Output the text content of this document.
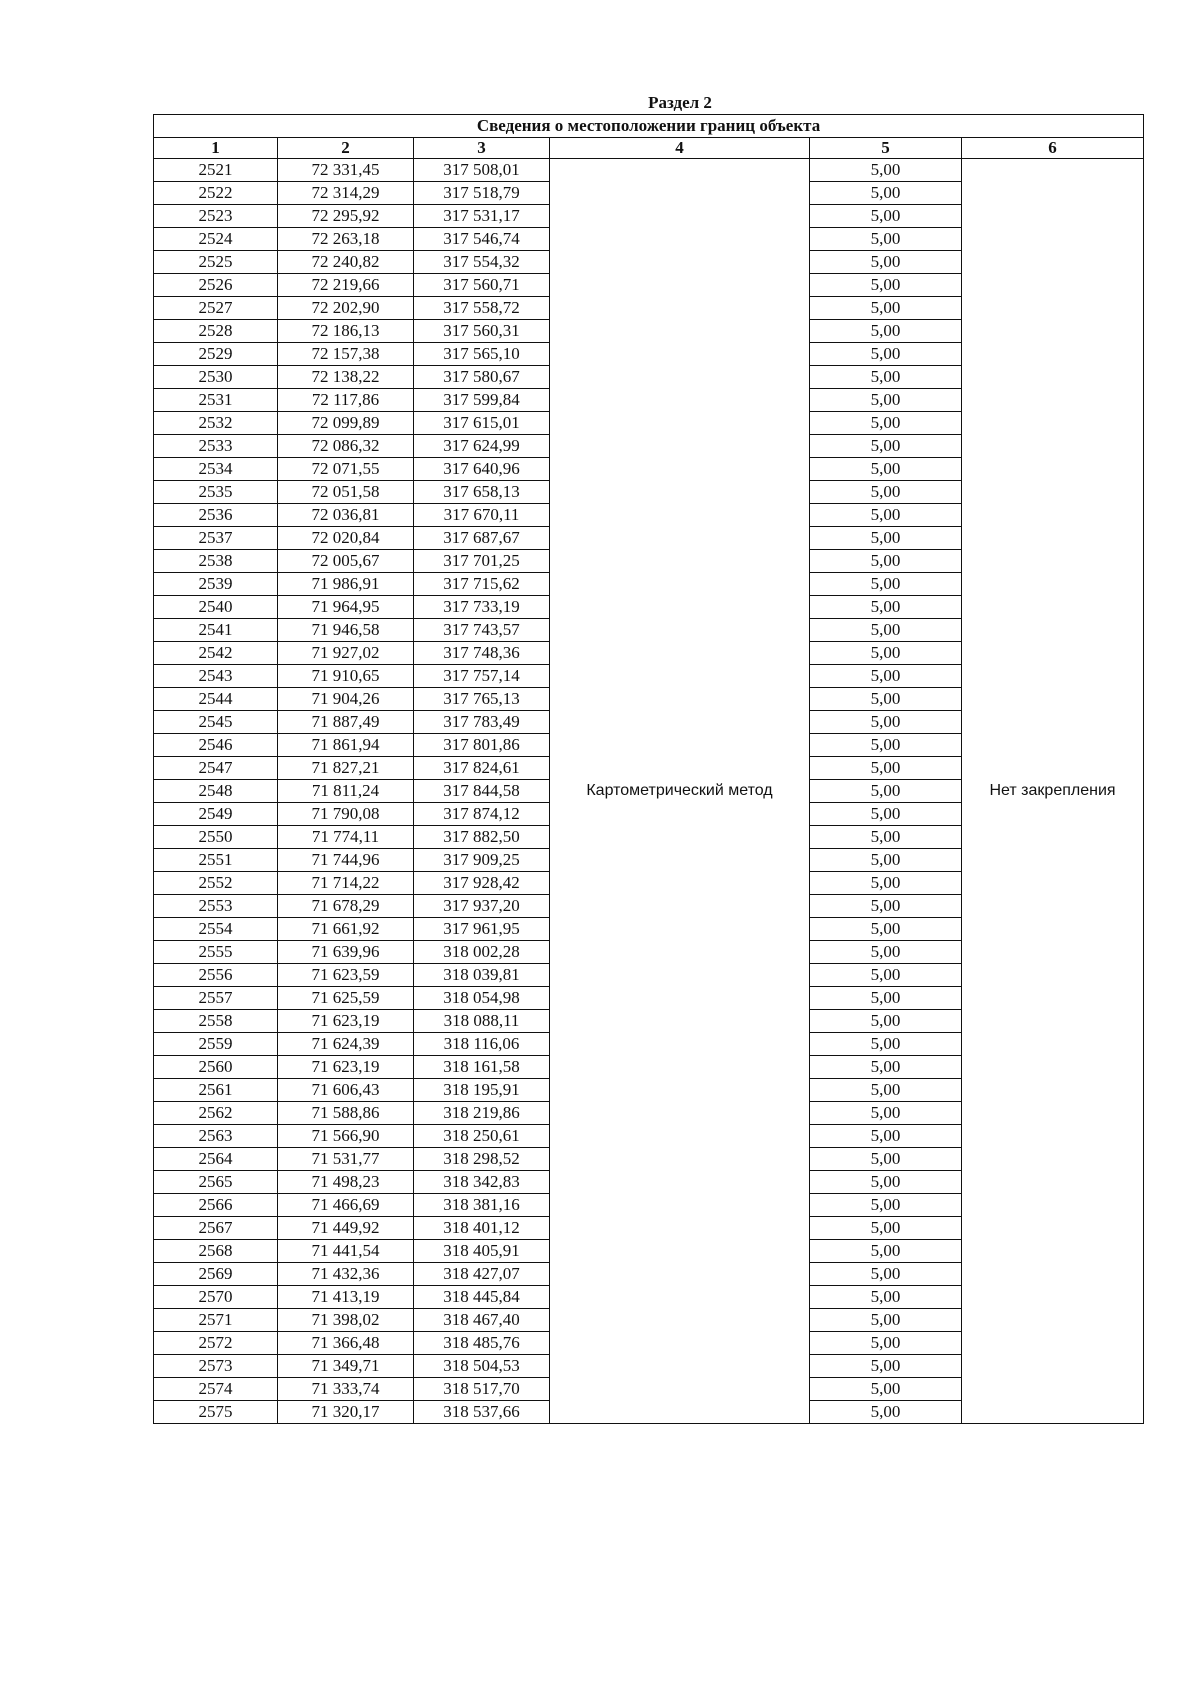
Раздел 2
Сведения о местоположении границ объекта					
1	2	3	4	5	6
2521	72 331,45	317 508,01	Картометрический метод	5,00	Нет закрепления
2522	72 314,29	317 518,79		5,00	
2523	72 295,92	317 531,17		5,00	
2524	72 263,18	317 546,74		5,00	
2525	72 240,82	317 554,32		5,00	
2526	72 219,66	317 560,71		5,00	
2527	72 202,90	317 558,72		5,00	
2528	72 186,13	317 560,31		5,00	
2529	72 157,38	317 565,10		5,00	
2530	72 138,22	317 580,67		5,00	
2531	72 117,86	317 599,84		5,00	
2532	72 099,89	317 615,01		5,00	
2533	72 086,32	317 624,99		5,00	
2534	72 071,55	317 640,96		5,00	
2535	72 051,58	317 658,13		5,00	
2536	72 036,81	317 670,11		5,00	
2537	72 020,84	317 687,67		5,00	
2538	72 005,67	317 701,25		5,00	
2539	71 986,91	317 715,62		5,00	
2540	71 964,95	317 733,19		5,00	
2541	71 946,58	317 743,57		5,00	
2542	71 927,02	317 748,36		5,00	
2543	71 910,65	317 757,14		5,00	
2544	71 904,26	317 765,13		5,00	
2545	71 887,49	317 783,49		5,00	
2546	71 861,94	317 801,86		5,00	
2547	71 827,21	317 824,61		5,00	
2548	71 811,24	317 844,58		5,00	
2549	71 790,08	317 874,12		5,00	
2550	71 774,11	317 882,50		5,00	
2551	71 744,96	317 909,25		5,00	
2552	71 714,22	317 928,42		5,00	
2553	71 678,29	317 937,20		5,00	
2554	71 661,92	317 961,95		5,00	
2555	71 639,96	318 002,28		5,00	
2556	71 623,59	318 039,81		5,00	
2557	71 625,59	318 054,98		5,00	
2558	71 623,19	318 088,11		5,00	
2559	71 624,39	318 116,06		5,00	
2560	71 623,19	318 161,58		5,00	
2561	71 606,43	318 195,91		5,00	
2562	71 588,86	318 219,86		5,00	
2563	71 566,90	318 250,61		5,00	
2564	71 531,77	318 298,52		5,00	
2565	71 498,23	318 342,83		5,00	
2566	71 466,69	318 381,16		5,00	
2567	71 449,92	318 401,12		5,00	
2568	71 441,54	318 405,91		5,00	
2569	71 432,36	318 427,07		5,00	
2570	71 413,19	318 445,84		5,00	
2571	71 398,02	318 467,40		5,00	
2572	71 366,48	318 485,76		5,00	
2573	71 349,71	318 504,53		5,00	
2574	71 333,74	318 517,70		5,00	
2575	71 320,17	318 537,66		5,00	
